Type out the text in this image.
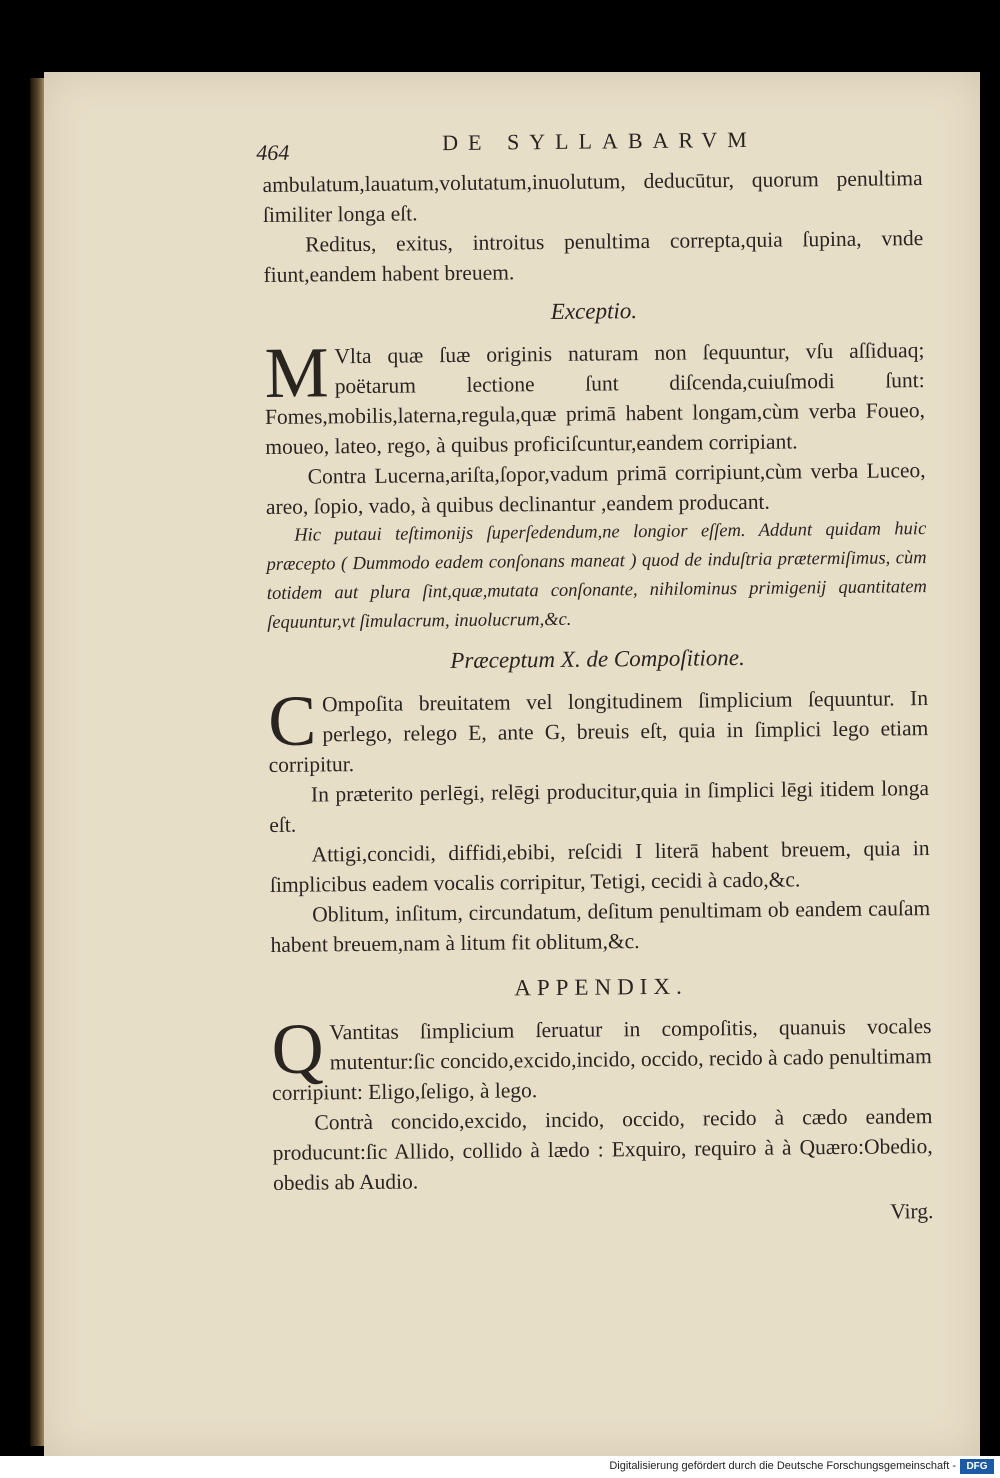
464	DE SYLLABARVM

ambulatum,lauatum,volutatum,inuolutum, deducūtur, quorum penultima ſimiliter longa eſt.

Reditus, exitus, introitus penultima correpta,quia ſupina, vnde fiunt,eandem habent breuem.

Exceptio.

M Vlta quæ ſuæ originis naturam non ſequuntur, vſu aſſiduaq; poëtarum lectione ſunt diſcenda,cuiuſmodi ſunt: Fomes,mobilis,laterna,regula,quæ primā habent longam,cùm verba Foueo, moueo, lateo, rego, à quibus proficiſcuntur,eandem corripiant.

Contra Lucerna,ariſta,ſopor,vadum primā corripiunt,cùm verba Luceo, areo, ſopio, vado, à quibus declinantur ,eandem producant.

Hic putaui teſtimonijs ſuperſedendum,ne longior eſſem. Addunt quidam huic præcepto ( Dummodo eadem conſonans maneat ) quod de induſtria prætermiſimus, cùm totidem aut plura ſint,quæ,mutata conſonante, nihilominus primigenij quantitatem ſequuntur,vt ſimulacrum, inuolucrum,&c.

Præceptum X. de Compoſitione.

C Ompoſita breuitatem vel longitudinem ſimplicium ſequuntur. In perlego, relego E, ante G, breuis eſt, quia in ſimplici lego etiam corripitur.

In præterito perlēgi, relēgi producitur,quia in ſimplici lēgi itidem longa eſt.

Attigi,concidi, diffidi,ebibi, reſcidi I literā habent breuem, quia in ſimplicibus eadem vocalis corripitur, Tetigi, cecidi à cado,&c.

Oblitum, inſitum, circundatum, deſitum penultimam ob eandem cauſam habent breuem,nam à litum fit oblitum,&c.

APPENDIX.

Q Vantitas ſimplicium ſeruatur in compoſitis, quanuis vocales mutentur:ſic concido,excido,incido, occido, recido à cado penultimam corripiunt: Eligo,ſeligo, à lego.

Contrà concido,excido, incido, occido, recido à cædo eandem producunt:ſic Allido, collido à lædo : Exquiro, requiro à à Quæro:Obedio, obedis ab Audio.

Virg.
Digitalisierung gefördert durch die Deutsche Forschungsgemeinschaft -	DFG
